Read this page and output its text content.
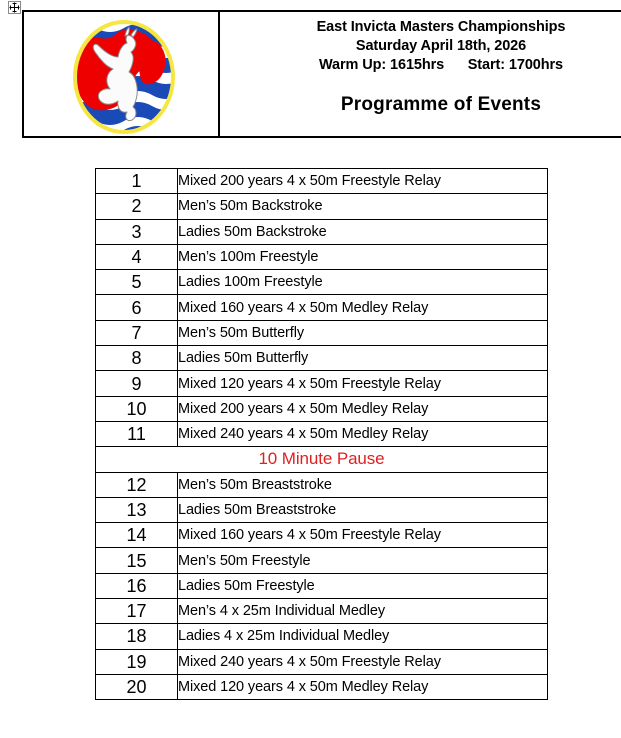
East Invicta Masters Championships
Saturday April 18th, 2026
Warm Up: 1615hrs      Start: 1700hrs
Programme of Events
1	Mixed 200 years 4 x 50m Freestyle Relay
2	Men’s 50m Backstroke
3	Ladies 50m Backstroke
4	Men’s 100m Freestyle
5	Ladies 100m Freestyle
6	Mixed 160 years 4 x 50m Medley Relay
7	Men’s 50m Butterfly
8	Ladies 50m Butterfly
9	Mixed 120 years 4 x 50m Freestyle Relay
10	Mixed 200 years 4 x 50m Medley Relay
11	Mixed 240 years 4 x 50m Medley Relay
10 Minute Pause	
12	Men’s 50m Breaststroke
13	Ladies 50m Breaststroke
14	Mixed 160 years 4 x 50m Freestyle Relay
15	Men’s 50m Freestyle
16	Ladies 50m Freestyle
17	Men’s 4 x 25m Individual Medley
18	Ladies 4 x 25m Individual Medley
19	Mixed 240 years 4 x 50m Freestyle Relay
20	Mixed 120 years 4 x 50m Medley Relay
